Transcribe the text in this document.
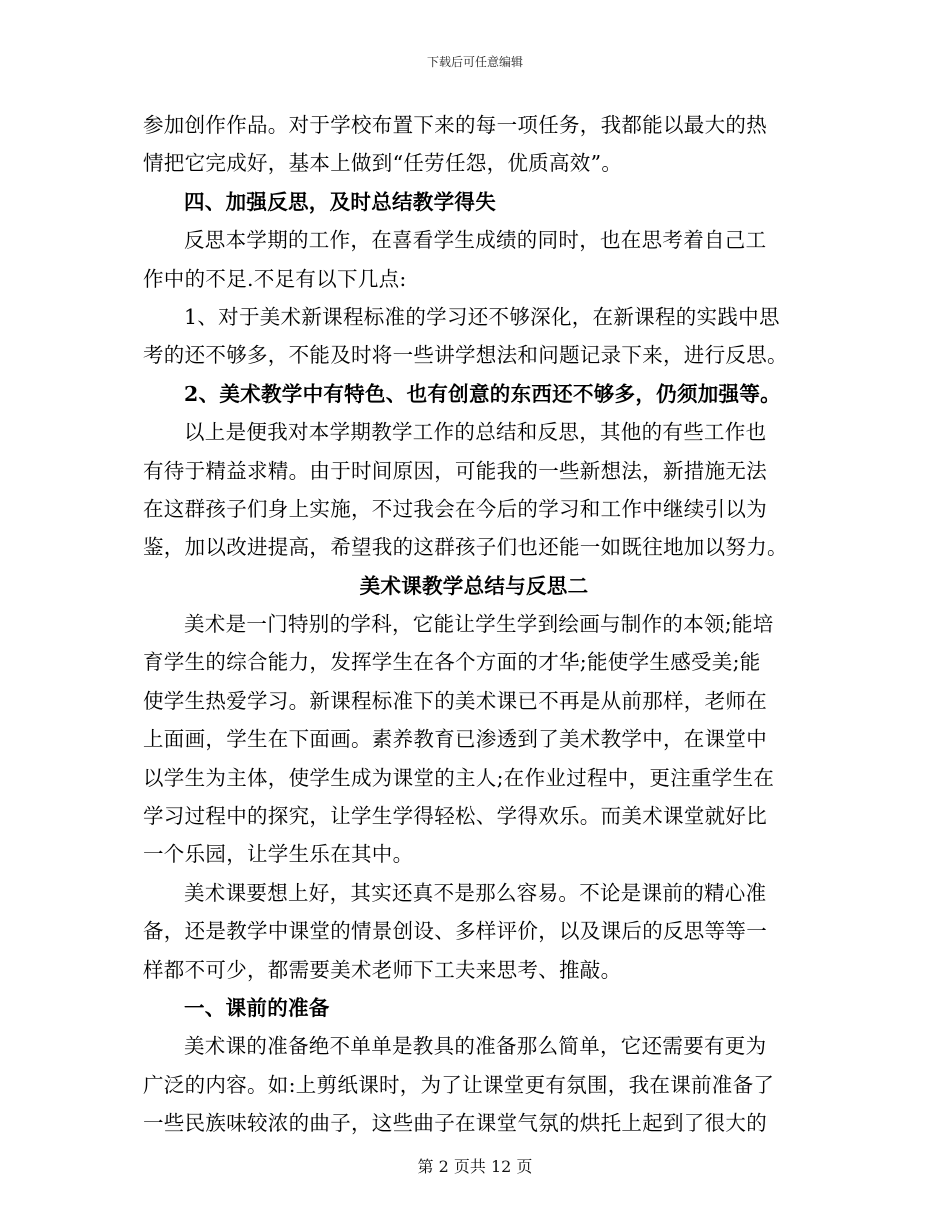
下载后可任意编辑
参加创作作品。对于学校布置下来的每一项任务，我都能以最大的热
情把它完成好，基本上做到“任劳任怨，优质高效”。
四、加强反思，及时总结教学得失
反思本学期的工作，在喜看学生成绩的同时，也在思考着自己工
作中的不足.不足有以下几点:
1、对于美术新课程标准的学习还不够深化，在新课程的实践中思
考的还不够多，不能及时将一些讲学想法和问题记录下来，进行反思。
2、美术教学中有特色、也有创意的东西还不够多，仍须加强等。
以上是便我对本学期教学工作的总结和反思，其他的有些工作也
有待于精益求精。由于时间原因，可能我的一些新想法，新措施无法
在这群孩子们身上实施，不过我会在今后的学习和工作中继续引以为
鉴，加以改进提高，希望我的这群孩子们也还能一如既往地加以努力。
美术课教学总结与反思二
美术是一门特别的学科，它能让学生学到绘画与制作的本领;能培
育学生的综合能力，发挥学生在各个方面的才华;能使学生感受美;能
使学生热爱学习。新课程标准下的美术课已不再是从前那样，老师在
上面画，学生在下面画。素养教育已渗透到了美术教学中，在课堂中
以学生为主体，使学生成为课堂的主人;在作业过程中，更注重学生在
学习过程中的探究，让学生学得轻松、学得欢乐。而美术课堂就好比
一个乐园，让学生乐在其中。
美术课要想上好，其实还真不是那么容易。不论是课前的精心准
备，还是教学中课堂的情景创设、多样评价，以及课后的反思等等一
样都不可少，都需要美术老师下工夫来思考、推敲。
一、课前的准备
美术课的准备绝不单单是教具的准备那么简单，它还需要有更为
广泛的内容。如:上剪纸课时，为了让课堂更有氛围，我在课前准备了
一些民族味较浓的曲子，这些曲子在课堂气氛的烘托上起到了很大的
第 2 页共 12 页
